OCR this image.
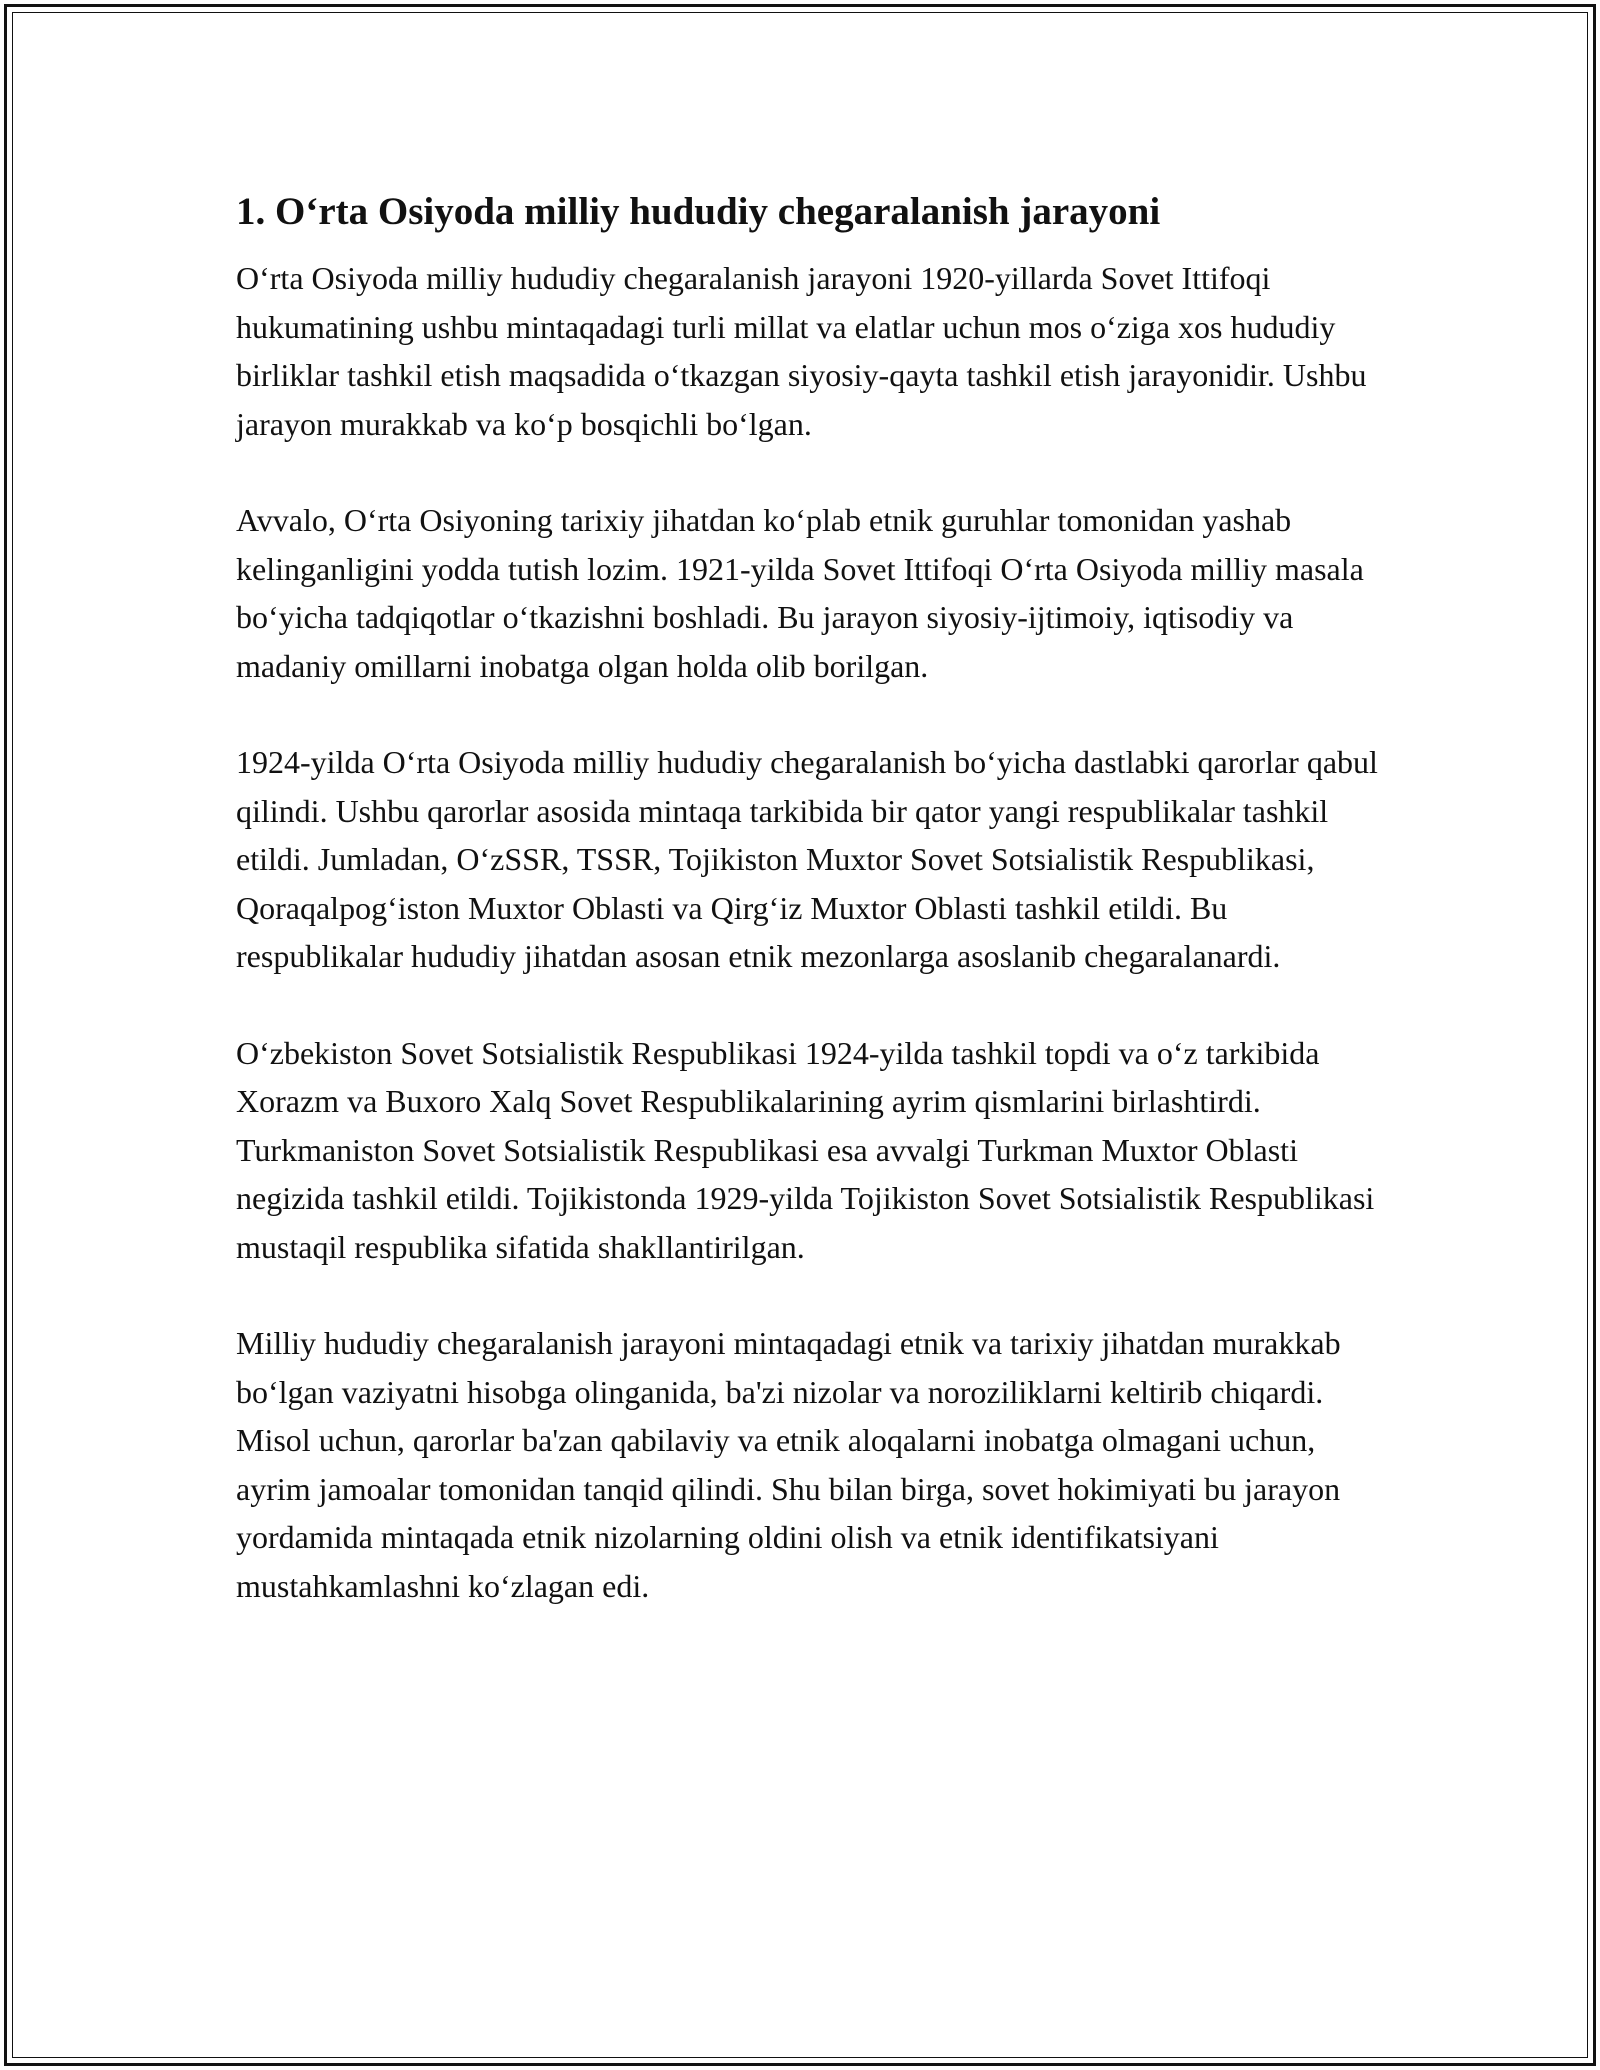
1. O‘rta Osiyoda milliy hududiy chegaralanish jarayoni

O‘rta Osiyoda milliy hududiy chegaralanish jarayoni 1920-yillarda Sovet Ittifoqi hukumatining ushbu mintaqadagi turli millat va elatlar uchun mos o‘ziga xos hududiy birliklar tashkil etish maqsadida o‘tkazgan siyosiy-qayta tashkil etish jarayonidir. Ushbu jarayon murakkab va ko‘p bosqichli bo‘lgan.

Avvalo, O‘rta Osiyoning tarixiy jihatdan ko‘plab etnik guruhlar tomonidan yashab kelinganligini yodda tutish lozim. 1921-yilda Sovet Ittifoqi O‘rta Osiyoda milliy masala bo‘yicha tadqiqotlar o‘tkazishni boshladi. Bu jarayon siyosiy-ijtimoiy, iqtisodiy va madaniy omillarni inobatga olgan holda olib borilgan.

1924-yilda O‘rta Osiyoda milliy hududiy chegaralanish bo‘yicha dastlabki qarorlar qabul qilindi. Ushbu qarorlar asosida mintaqa tarkibida bir qator yangi respublikalar tashkil etildi. Jumladan, O‘zSSR, TSSR, Tojikiston Muxtor Sovet Sotsialistik Respublikasi, Qoraqalpog‘iston Muxtor Oblasti va Qirg‘iz Muxtor Oblasti tashkil etildi. Bu respublikalar hududiy jihatdan asosan etnik mezonlarga asoslanib chegaralanardi.

O‘zbekiston Sovet Sotsialistik Respublikasi 1924-yilda tashkil topdi va o‘z tarkibida Xorazm va Buxoro Xalq Sovet Respublikalarining ayrim qismlarini birlashtirdi. Turkmaniston Sovet Sotsialistik Respublikasi esa avvalgi Turkman Muxtor Oblasti negizida tashkil etildi. Tojikistonda 1929-yilda Tojikiston Sovet Sotsialistik Respublikasi mustaqil respublika sifatida shakllantirilgan.

Milliy hududiy chegaralanish jarayoni mintaqadagi etnik va tarixiy jihatdan murakkab bo‘lgan vaziyatni hisobga olinganida, ba'zi nizolar va noroziliklarni keltirib chiqardi. Misol uchun, qarorlar ba'zan qabilaviy va etnik aloqalarni inobatga olmagani uchun, ayrim jamoalar tomonidan tanqid qilindi. Shu bilan birga, sovet hokimiyati bu jarayon yordamida mintaqada etnik nizolarning oldini olish va etnik identifikatsiyani mustahkamlashni ko‘zlagan edi.
